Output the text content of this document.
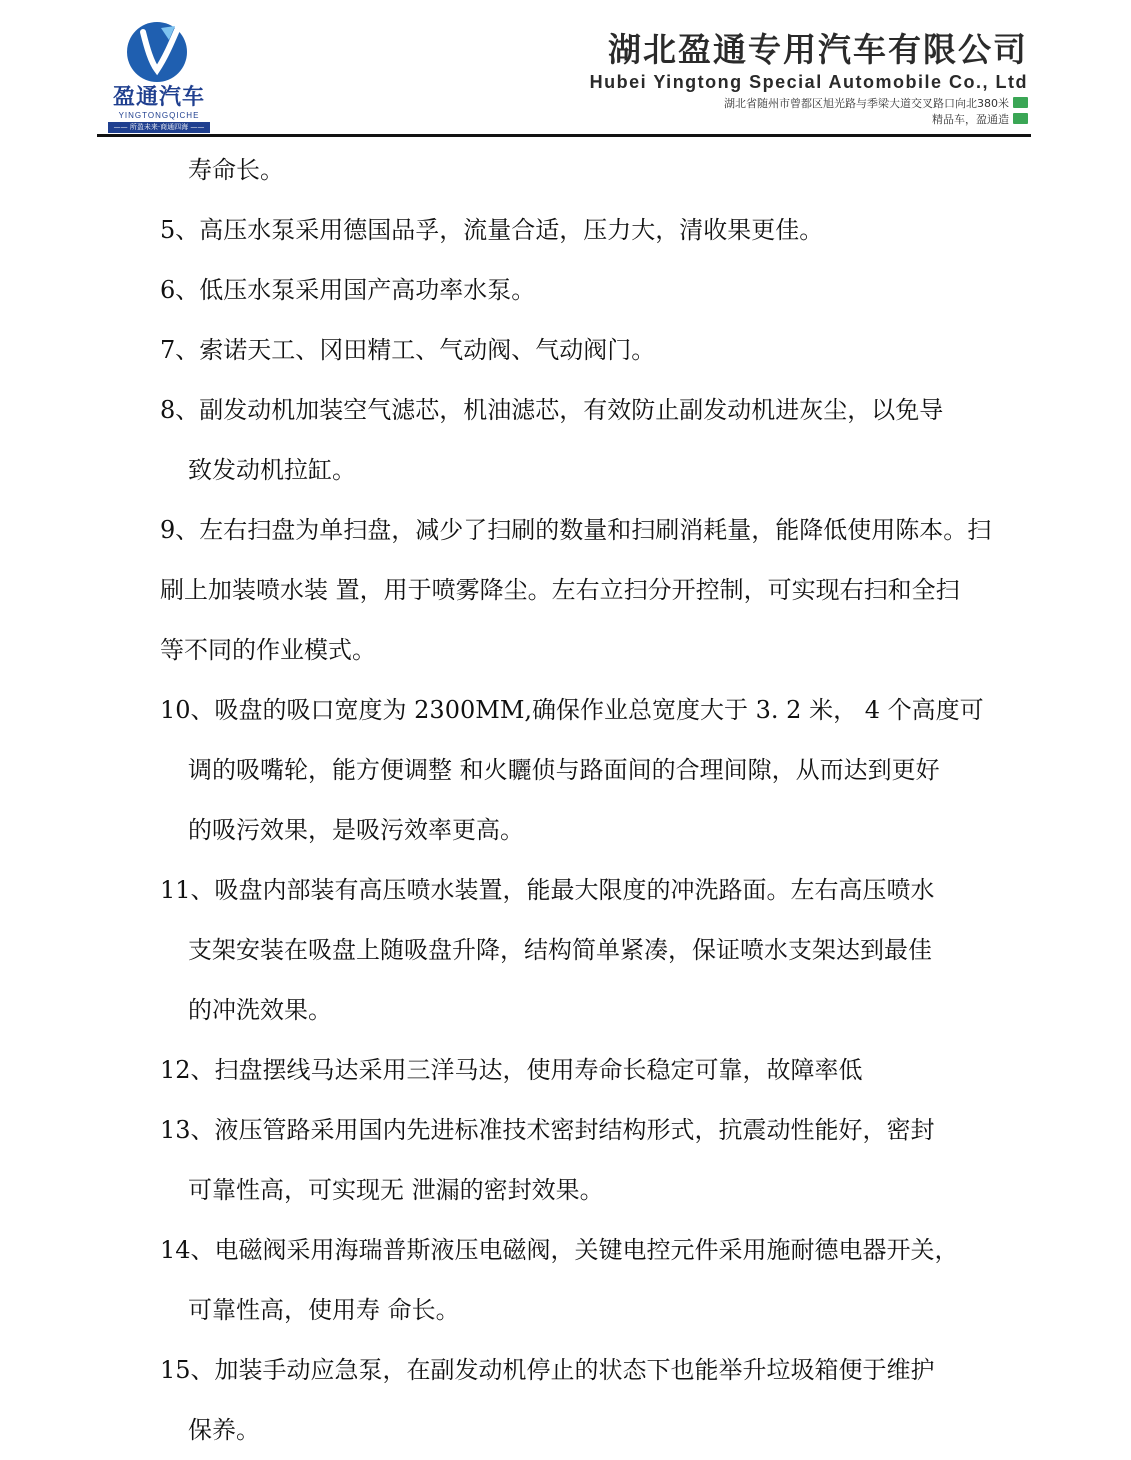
盈通汽车
YINGTONGQICHE
—— 所盈未来·商通四海 ——
湖北盈通专用汽车有限公司
Hubei Yingtong Special Automobile Co., Ltd
湖北省随州市曾都区旭光路与季梁大道交叉路口向北380米
精品车，盈通造

寿命长。

5、高压水泵采用德国品孚，流量合适，压力大，清收果更佳。

6、低压水泵采用国产高功率水泵。

7、索诺天工、冈田精工、气动阀、气动阀门。

8、副发动机加装空气滤芯，机油滤芯，有效防止副发动机进灰尘，以免导

致发动机拉缸。

9、左右扫盘为单扫盘，减少了扫刷的数量和扫刷消耗量，能降低使用陈本。扫

刷上加装喷水装 置，用于喷雾降尘。左右立扫分开控制，可实现右扫和全扫

等不同的作业模式。

10、吸盘的吸口宽度为 2300MM,确保作业总宽度大于 3. 2 米， 4 个高度可

调的吸嘴轮，能方便调整 和火矖侦与路面间的合理间隙，从而达到更好

的吸污效果，是吸污效率更高。

11、吸盘内部装有高压喷水装置，能最大限度的冲洗路面。左右高压喷水

支架安装在吸盘上随吸盘升降，结构简单紧凑，保证喷水支架达到最佳

的冲洗效果。

12、扫盘摆线马达采用三洋马达，使用寿命长稳定可靠，故障率低

13、液压管路采用国内先进标准技术密封结构形式，抗震动性能好，密封

可靠性高，可实现无 泄漏的密封效果。

14、电磁阀采用海瑞普斯液压电磁阀，关键电控元件采用施耐德电器开关，

可靠性高，使用寿 命长。

15、加装手动应急泵，在副发动机停止的状态下也能举升垃圾箱便于维护

保养。
